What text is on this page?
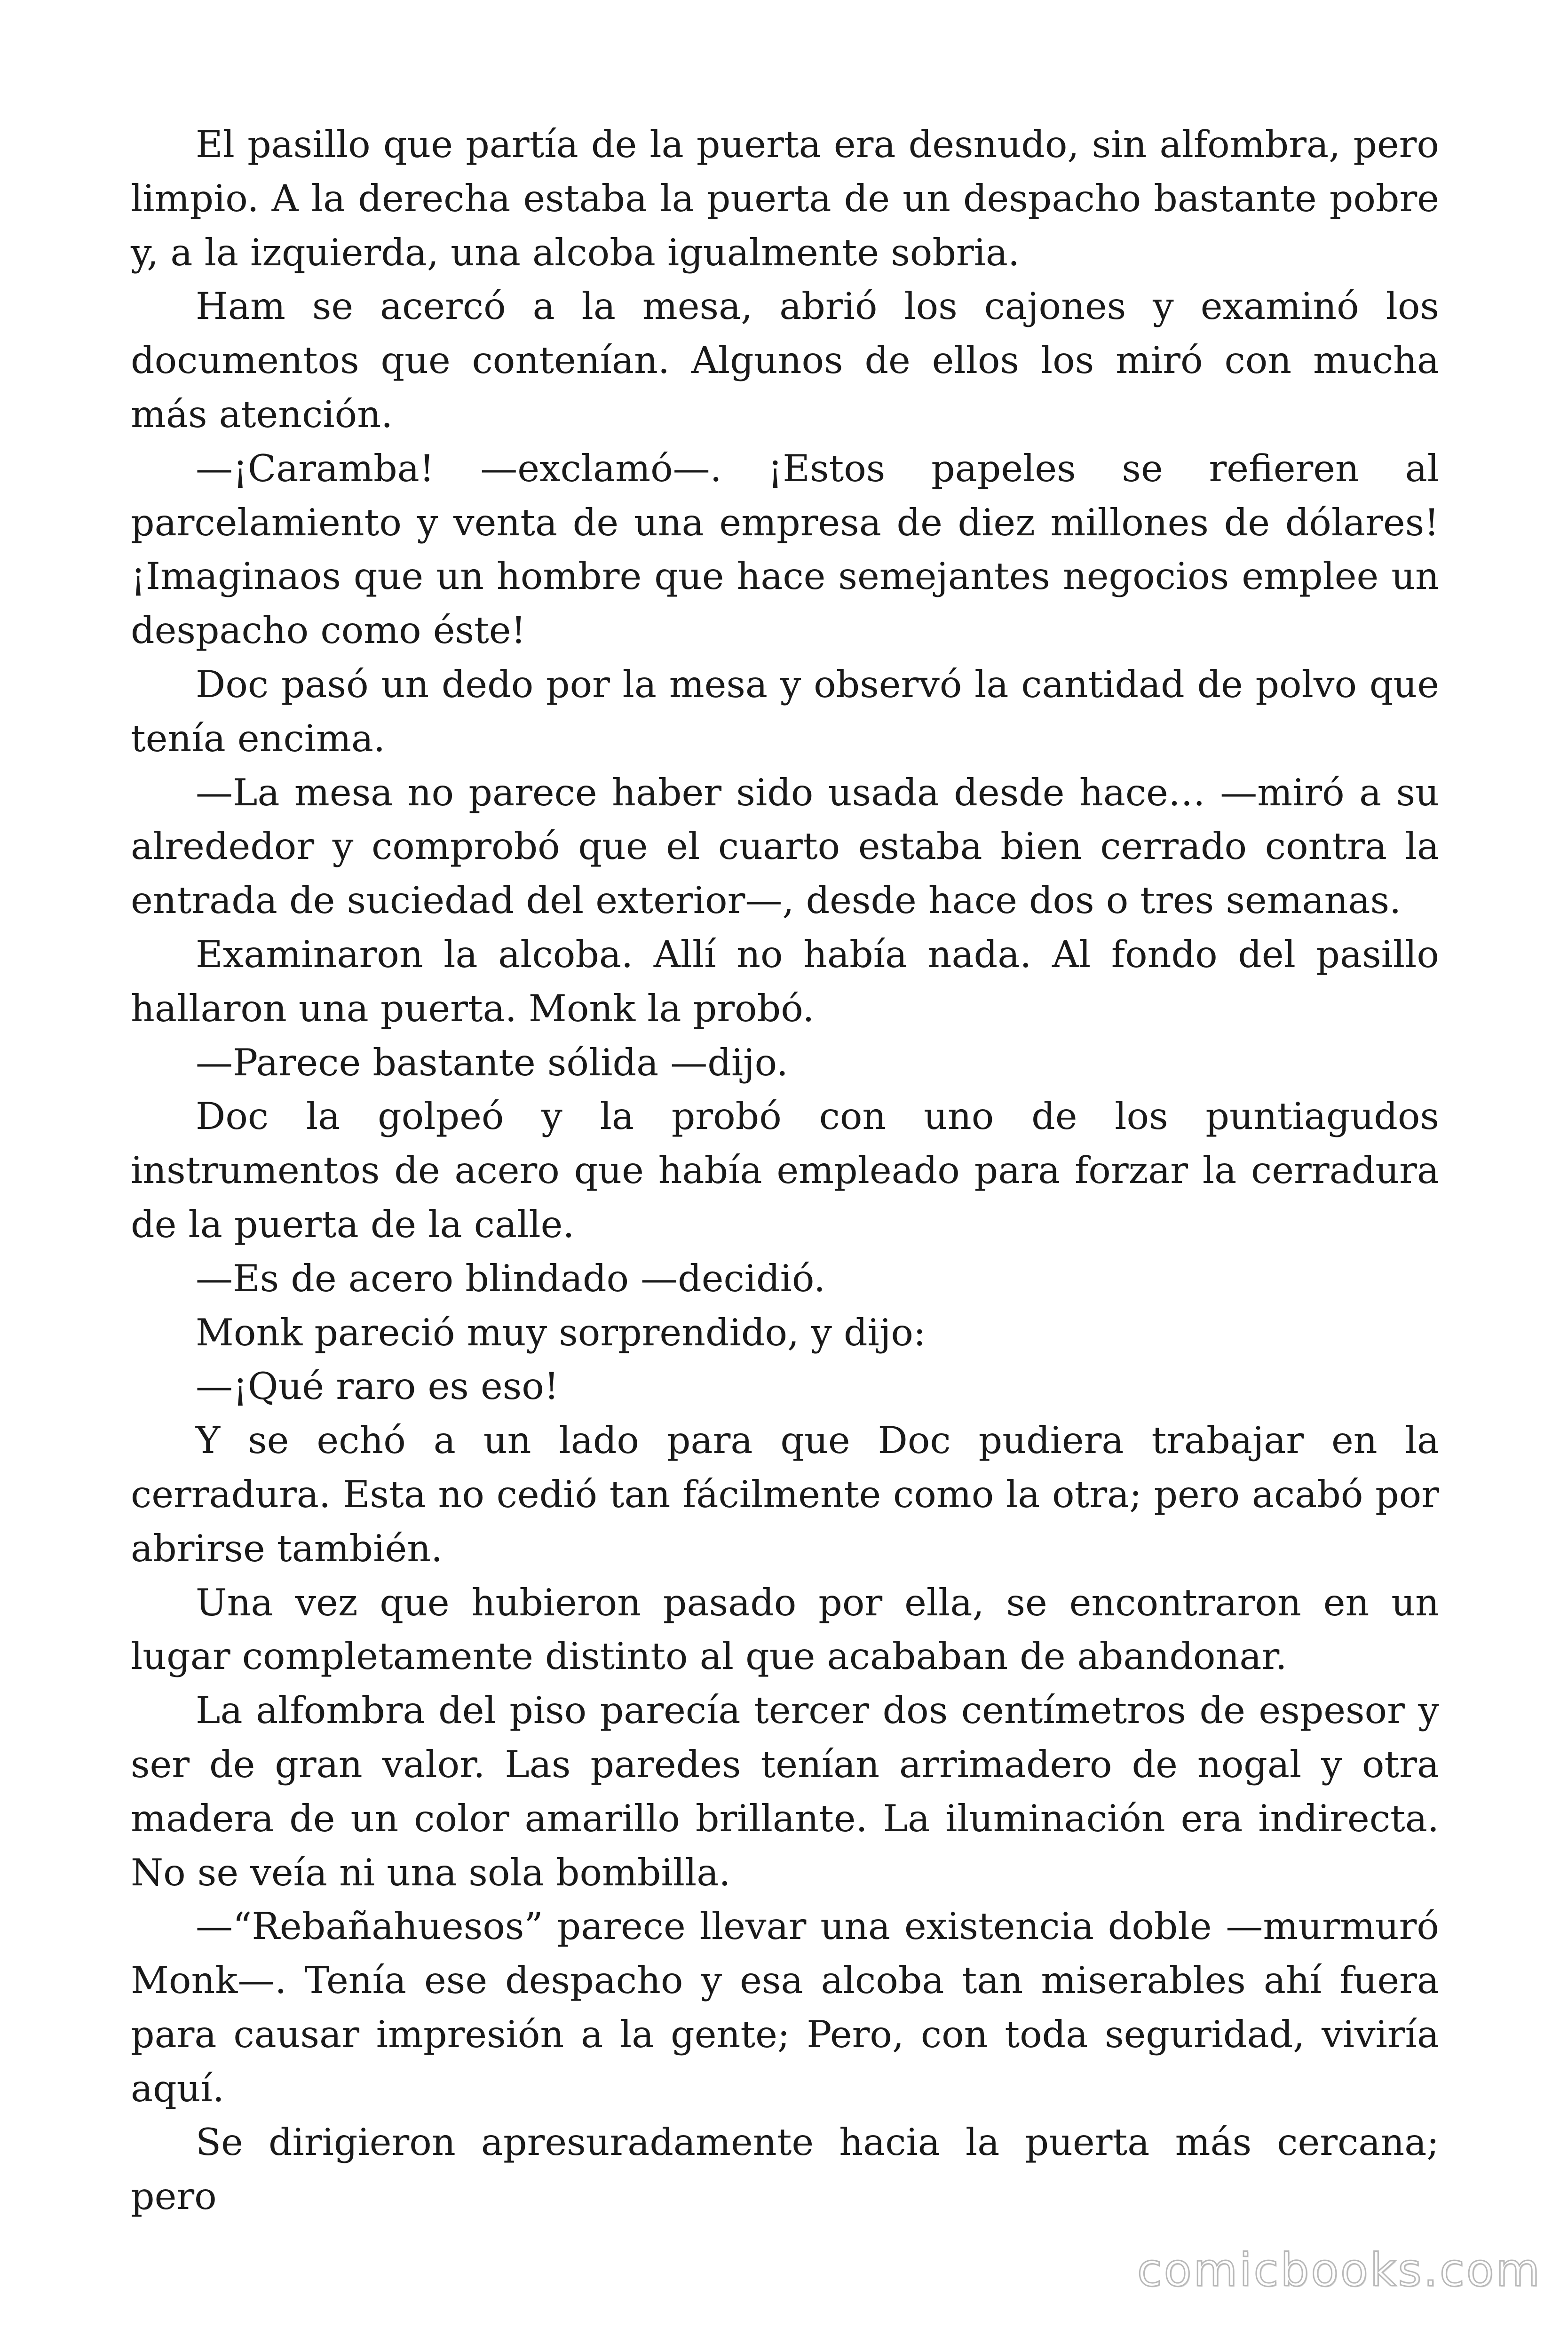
El pasillo que partía de la puerta era desnudo, sin alfombra, pero limpio. A la derecha estaba la puerta de un despacho bastante pobre y, a la izquierda, una alcoba igualmente sobria.

Ham se acercó a la mesa, abrió los cajones y examinó los documentos que contenían. Algunos de ellos los miró con mucha más atención.

—¡Caramba! —exclamó—. ¡Estos papeles se refieren al parcelamiento y venta de una empresa de diez millones de dólares! ¡Imaginaos que un hombre que hace semejantes negocios emplee un despacho como éste!

Doc pasó un dedo por la mesa y observó la cantidad de polvo que tenía encima.

—La mesa no parece haber sido usada desde hace… —miró a su alrededor y comprobó que el cuarto estaba bien cerrado contra la entrada de suciedad del exterior—, desde hace dos o tres semanas.

Examinaron la alcoba. Allí no había nada. Al fondo del pasillo hallaron una puerta. Monk la probó.

—Parece bastante sólida —dijo.

Doc la golpeó y la probó con uno de los puntiagudos instrumentos de acero que había empleado para forzar la cerradura de la puerta de la calle.

—Es de acero blindado —decidió.

Monk pareció muy sorprendido, y dijo:

—¡Qué raro es eso!

Y se echó a un lado para que Doc pudiera trabajar en la cerradura. Esta no cedió tan fácilmente como la otra; pero acabó por abrirse también.

Una vez que hubieron pasado por ella, se encontraron en un lugar completamente distinto al que acababan de abandonar.

La alfombra del piso parecía tercer dos centímetros de espesor y ser de gran valor. Las paredes tenían arrimadero de nogal y otra madera de un color amarillo brillante. La iluminación era indirecta. No se veía ni una sola bombilla.

—“Rebañahuesos” parece llevar una existencia doble —murmuró Monk—. Tenía ese despacho y esa alcoba tan miserables ahí fuera para causar impresión a la gente; Pero, con toda seguridad, viviría aquí.

Se dirigieron apresuradamente hacia la puerta más cercana; pero

comicbooks.com
